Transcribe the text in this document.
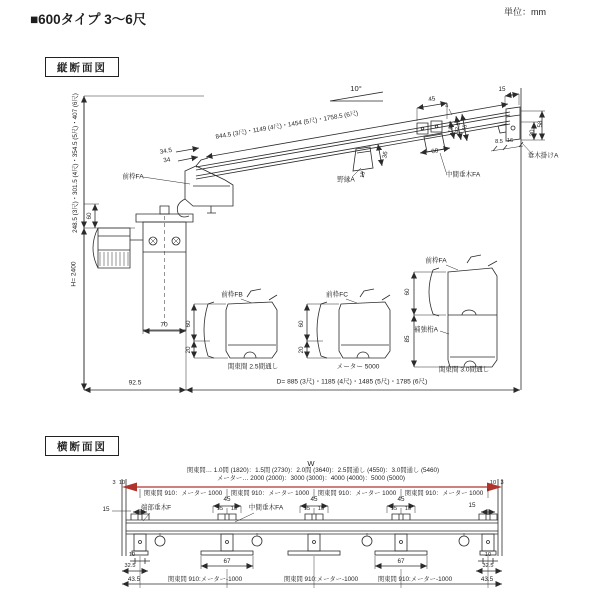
■600タイプ 3〜6尺	単位：mm
縦断面図
横断面図
10°
844.5 (3尺)・1149 (4尺)・1454 (5尺)・1758.5 (6尺)
15
58
30
8.5 16
垂木掛けA
248.5 (3尺)・301.5 (4尺)・354.5 (5尺)・407 (6尺) 60
H= 2400
前枠FA
34.5
34
野縁A
36
15
45
4
18 42.5 45
60
中間垂木FA
前枠FB
60
20
関東間 2.5間通し
前枠FC
60
20
メーター 5000
前枠FA
60
85
補強桁A
関東間 3.0間通し
70
92.5	D= 885 (3尺)・1185 (4尺)・1485 (5尺)・1785 (6尺)
W
関東間… 1.0間 (1820)：1.5間 (2730)：2.0間 (3640)：2.5間通し (4550)：3.0間通し (5460)
メーター… 2000 (2000)：3000 (3000)：4000 (4000)：5000 (5000)
3 10	10 3
関東間 910：メーター 1000 関東間 910：メーター 1000 関東間 910：メーター 1000 関東間 910：メーター 1000
15	端部垂木F	中間垂木FA	15
45	45	45
15 15	15 15	15 15
67	67
10
32.5
43.5
10
32.5
43.5
関東間 910:メーター-1000	関東間 910:メーター-1000	関東間 910:メーター-1000
